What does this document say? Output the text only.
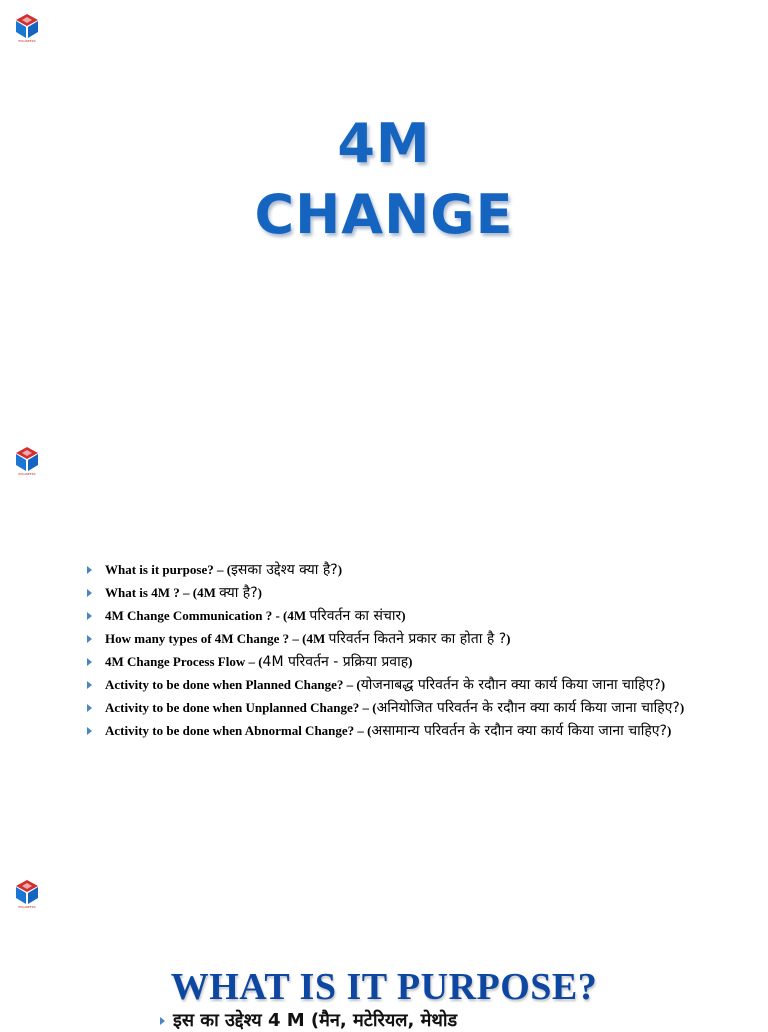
ENGINEERS
ENGINEERS
ENGINEERS
4M
CHANGE
What is it purpose? – (इसका उद्देश्य क्या है?)
What is 4M ? – (4M क्या है?)
4M Change Communication ? - (4M परिवर्तन का संचार)
How many types of 4M Change ? – (4M परिवर्तन कितने प्रकार का होता है ?)
4M Change Process Flow – (4M परिवर्तन - प्रक्रिया प्रवाह)
Activity to be done when Planned Change? – (योजनाबद्ध परिवर्तन के रदौान क्या कार्य किया जाना चाहिए?)
Activity to be done when Unplanned Change? – (अनियोजित परिवर्तन के रदौान क्या कार्य किया जाना चाहिए?)
Activity to be done when Abnormal Change? – (असामान्य परिवर्तन के रदौान क्या कार्य किया जाना चाहिए?)
WHAT IS IT PURPOSE?
इस का उद्देश्य 4 M (मैन, मटेरियल, मेथोड
